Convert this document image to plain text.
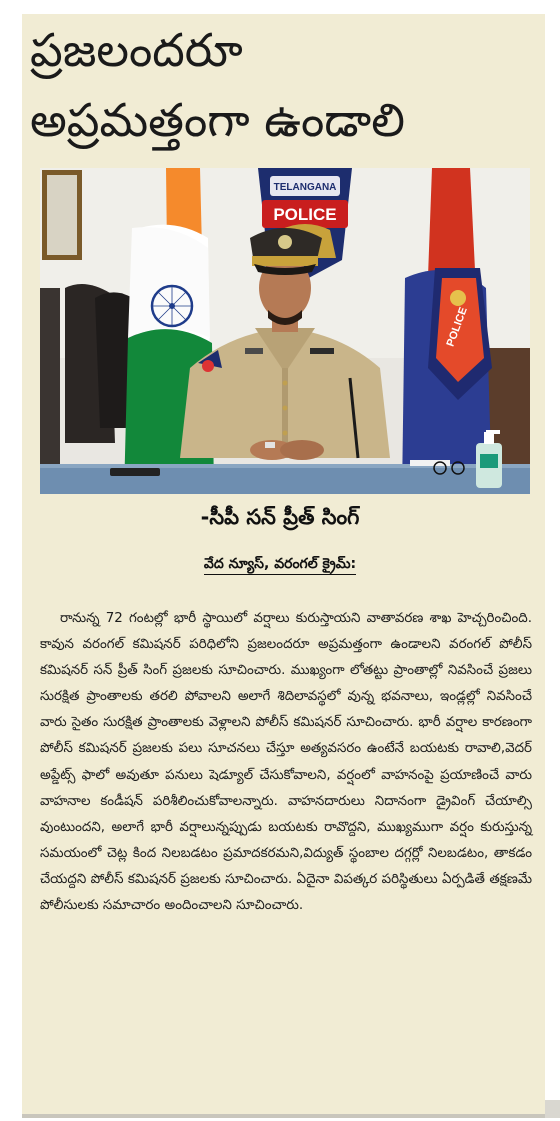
ప్రజలందరూ
అప్రమత్తంగా ఉండాలి
TELANGANA
POLICE
POLICE
-సీపీ సన్ ప్రీత్ సింగ్
వేద న్యూస్, వరంగల్ క్రైమ్:

రానున్న 72 గంటల్లో భారీ స్థాయిలో వర్షాలు కురుస్తాయని వాతావరణ శాఖ హెచ్చరించింది. కావున వరంగల్ కమిషనర్ పరిధిలోని ప్రజలందరూ అప్రమత్తంగా ఉండాలని వరంగల్ పోలీస్ కమిషనర్ సన్ ప్రీత్ సింగ్ ప్రజలకు సూచించారు. ముఖ్యంగా లోతట్టు ప్రాంతాల్లో నివసించే ప్రజలు సురక్షిత ప్రాంతాలకు తరలి పోవాలని అలాగే శిదిలావస్థలో వున్న భవనాలు, ఇండ్లల్లో నివసించే వారు సైతం సురక్షిత ప్రాంతాలకు వెళ్లాలని పోలీస్ కమిషనర్ సూచించారు. భారీ వర్షాల కారణంగా పోలీస్ కమిషనర్ ప్రజలకు పలు సూచనలు చేస్తూ అత్యవసరం ఉంటేనే బయటకు రావాలి,వెదర్ అప్డేట్స్ ఫాలో అవుతూ పనులు షెడ్యూల్ చేసుకోవాలని, వర్షంలో వాహనంపై ప్రయాణించే వారు వాహనాల కండీషన్ పరిశీలించుకోవాలన్నారు. వాహనదారులు నిదానంగా డ్రైవింగ్ చేయాల్సి వుంటుందని, అలాగే భారీ వర్షాలున్నప్పుడు బయటకు రావొద్దని, ముఖ్యముగా వర్షం కురుస్తున్న సమయంలో చెట్ల కింద నిలబడటం ప్రమాదకరమని,విద్యుత్ స్థంబాల దగ్గర్లో నిలబడటం, తాకడం చేయద్దని పోలీస్ కమిషనర్ ప్రజలకు సూచించారు. ఏదైనా విపత్కర పరిస్థితులు ఏర్పడితే తక్షణమే పోలీసులకు సమాచారం అందించాలని సూచించారు.
